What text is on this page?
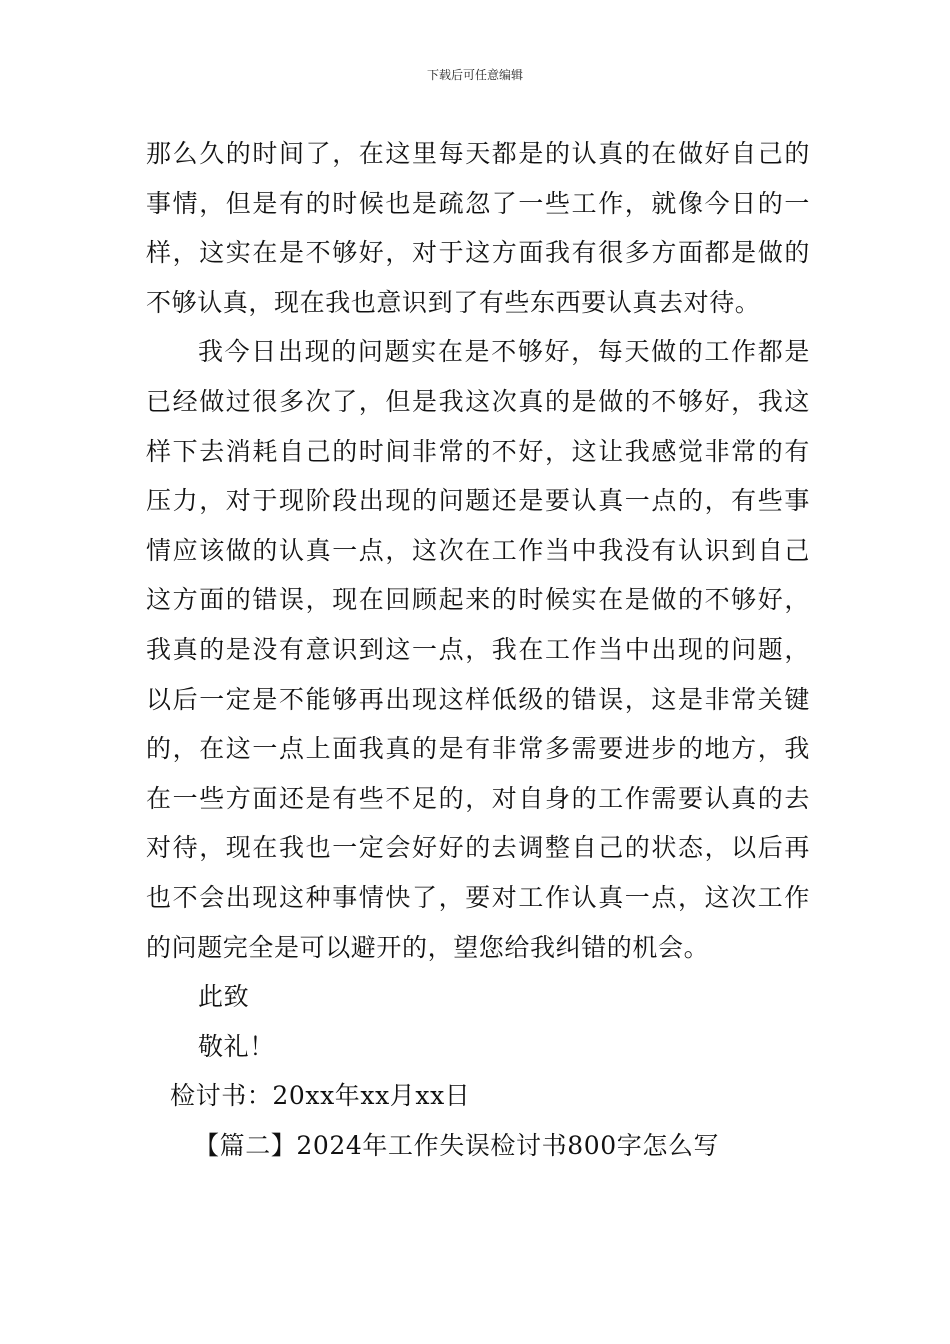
下载后可任意编辑

那么久的时间了，在这里每天都是的认真的在做好自己的事情，但是有的时候也是疏忽了一些工作，就像今日的一样，这实在是不够好，对于这方面我有很多方面都是做的不够认真，现在我也意识到了有些东西要认真去对待。

我今日出现的问题实在是不够好，每天做的工作都是已经做过很多次了，但是我这次真的是做的不够好，我这样下去消耗自己的时间非常的不好，这让我感觉非常的有压力，对于现阶段出现的问题还是要认真一点的，有些事情应该做的认真一点，这次在工作当中我没有认识到自己这方面的错误，现在回顾起来的时候实在是做的不够好，我真的是没有意识到这一点，我在工作当中出现的问题，以后一定是不能够再出现这样低级的错误，这是非常关键的，在这一点上面我真的是有非常多需要进步的地方，我在一些方面还是有些不足的，对自身的工作需要认真的去对待，现在我也一定会好好的去调整自己的状态，以后再也不会出现这种事情快了，要对工作认真一点，这次工作的问题完全是可以避开的，望您给我纠错的机会。

此致

敬礼！

检讨书：20xx年xx月xx日

【篇二】2024年工作失误检讨书800字怎么写
